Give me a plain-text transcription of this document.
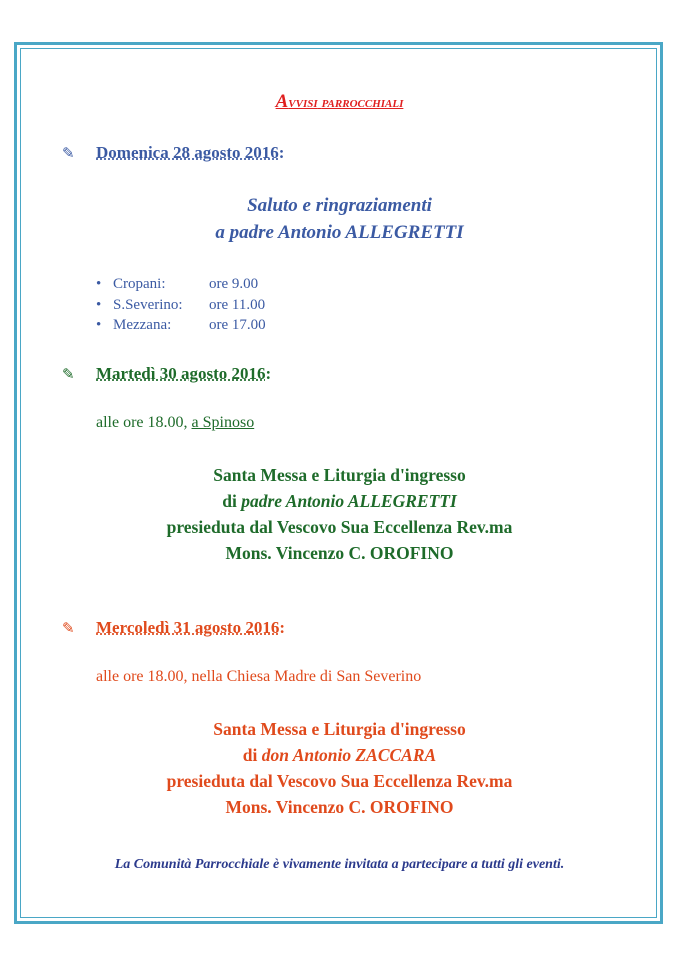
Avvisi parrocchiali
✎ Domenica 28 agosto 2016:
Saluto e ringraziamenti
a padre Antonio ALLEGRETTI
• Cropani:	ore 9.00
• S.Severino:	ore 11.00
• Mezzana:	ore 17.00
✎ Martedì 30 agosto 2016:
alle ore 18.00, a Spinoso
Santa Messa e Liturgia d'ingresso
di padre Antonio ALLEGRETTI
presieduta dal Vescovo Sua Eccellenza Rev.ma
Mons. Vincenzo C. OROFINO
✎ Mercoledì 31 agosto 2016:
alle ore 18.00, nella Chiesa Madre di San Severino
Santa Messa e Liturgia d'ingresso
di don Antonio ZACCARA
presieduta dal Vescovo Sua Eccellenza Rev.ma
Mons. Vincenzo C. OROFINO
La Comunità Parrocchiale è vivamente invitata a partecipare a tutti gli eventi.
